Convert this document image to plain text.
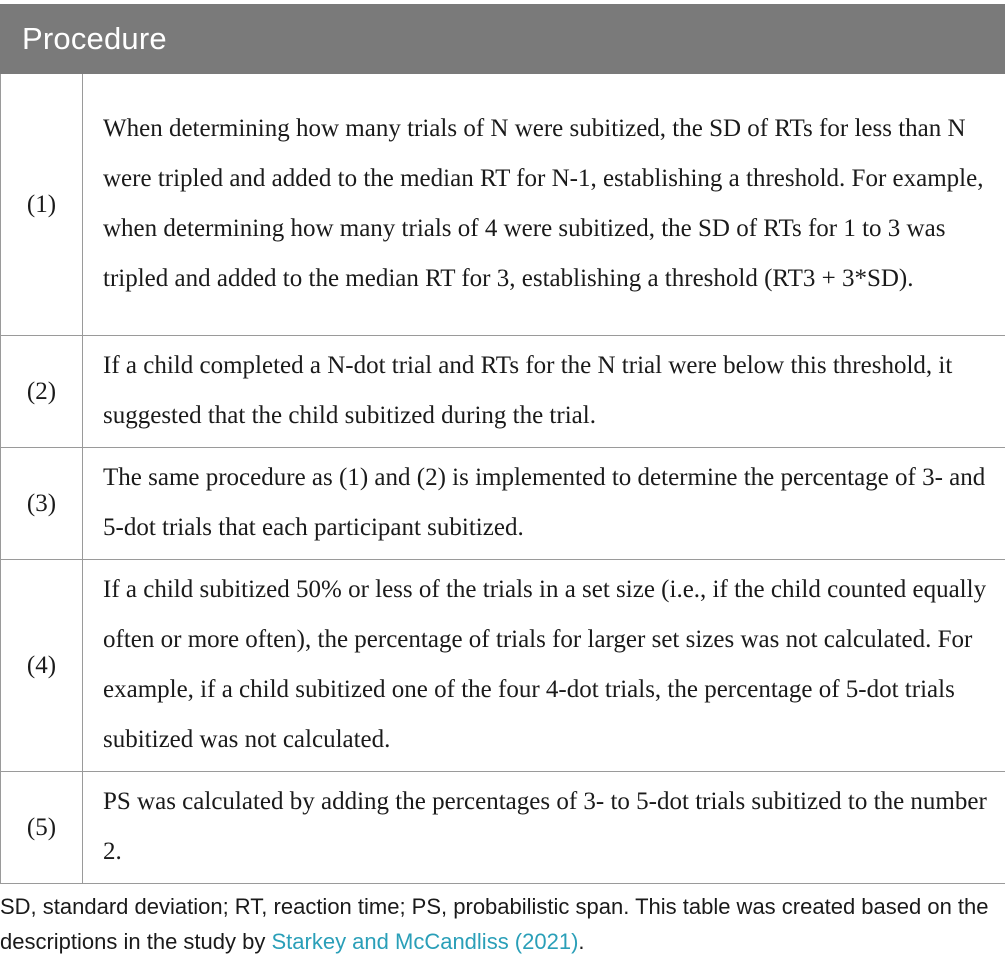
Procedure	
(1)	When determining how many trials of N were subitized, the SD of RTs for less than N were tripled and added to the median RT for N-1, establishing a threshold. For example, when determining how many trials of 4 were subitized, the SD of RTs for 1 to 3 was tripled and added to the median RT for 3, establishing a threshold (RT3 + 3*SD).
(2)	If a child completed a N-dot trial and RTs for the N trial were below this threshold, it suggested that the child subitized during the trial.
(3)	The same procedure as (1) and (2) is implemented to determine the percentage of 3- and 5-dot trials that each participant subitized.
(4)	If a child subitized 50% or less of the trials in a set size (i.e., if the child counted equally often or more often), the percentage of trials for larger set sizes was not calculated. For example, if a child subitized one of the four 4-dot trials, the percentage of 5-dot trials subitized was not calculated.
(5)	PS was calculated by adding the percentages of 3- to 5-dot trials subitized to the number 2.
SD, standard deviation; RT, reaction time; PS, probabilistic span. This table was created based on the descriptions in the study by Starkey and McCandliss (2021).
